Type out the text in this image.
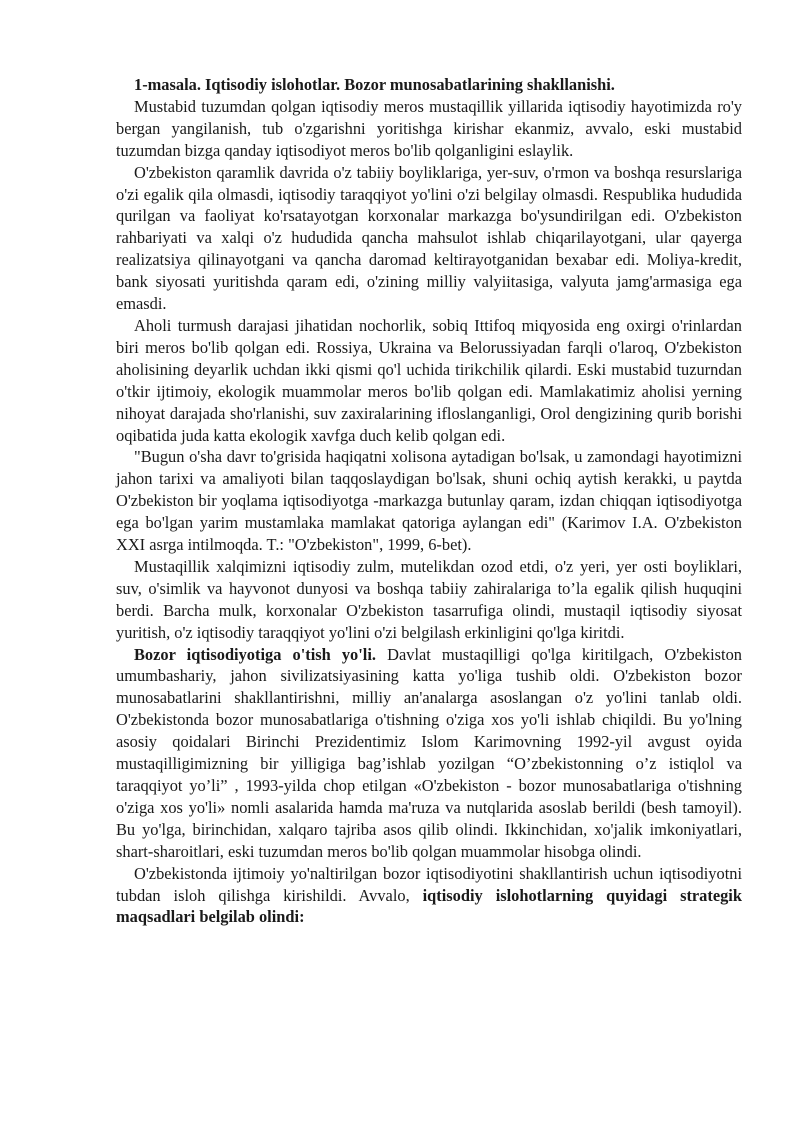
1-masala. Iqtisodiy islohotlar. Bozor munosabatlarining shakllanishi.

Mustabid tuzumdan qolgan iqtisodiy meros mustaqillik yillarida iqtisodiy hayotimizda ro'y bergan yangilanish, tub o'zgarishni yoritishga kirishar ekanmiz, avvalo, eski mustabid tuzumdan bizga qanday iqtisodiyot meros bo'lib qolganligini eslaylik.

O'zbekiston qaramlik davrida o'z tabiiy boyliklariga, yer-suv, o'rmon va boshqa resurslariga o'zi egalik qila olmasdi, iqtisodiy taraqqiyot yo'lini o'zi belgilay olmasdi. Respublika hududida qurilgan va faoliyat ko'rsatayotgan korxonalar markazga bo'ysundirilgan edi. O'zbekiston rahbariyati va xalqi o'z hududida qancha mahsulot ishlab chiqarilayotgani, ular qayerga realizatsiya qilinayotgani va qancha daromad keltirayotganidan bexabar edi. Moliya-kredit, bank siyosati yuritishda qaram edi, o'zining milliy valyiitasiga, valyuta jamg'armasiga ega emasdi.

Aholi turmush darajasi jihatidan nochorlik, sobiq Ittifoq miqyosida eng oxirgi o'rinlardan biri meros bo'lib qolgan edi. Rossiya, Ukraina va Belorussiyadan farqli o'laroq, O'zbekiston aholisining deyarlik uchdan ikki qismi qo'l uchida tirikchilik qilardi. Eski mustabid tuzurndan o'tkir ijtimoiy, ekologik muammolar meros bo'lib qolgan edi. Mamlakatimiz aholisi yerning nihoyat darajada sho'rlanishi, suv zaxiralarining ifloslanganligi, Orol dengizining qurib borishi oqibatida juda katta ekologik xavfga duch kelib qolgan edi.

"Bugun o'sha davr to'grisida haqiqatni xolisona aytadigan bo'lsak, u zamondagi hayotimizni jahon tarixi va amaliyoti bilan taqqoslaydigan bo'lsak, shuni ochiq aytish kerakki, u paytda O'zbekiston bir yoqlama iqtisodiyotga -markazga butunlay qaram, izdan chiqqan iqtisodiyotga ega bo'lgan yarim mustamlaka mamlakat qatoriga aylangan edi" (Karimov I.A. O'zbekiston XXI asrga intilmoqda. T.: "O'zbekiston", 1999, 6-bet).

Mustaqillik xalqimizni iqtisodiy zulm, mutelikdan ozod etdi, o'z yeri, yer osti boyliklari, suv, o'simlik va hayvonot dunyosi va boshqa tabiiy zahiralariga to’la egalik qilish huquqini berdi. Barcha mulk, korxonalar O'zbekiston tasarrufiga olindi, mustaqil iqtisodiy siyosat yuritish, o'z iqtisodiy taraqqiyot yo'lini o'zi belgilash erkinligini qo'lga kiritdi.

Bozor iqtisodiyotiga o'tish yo'li. Davlat mustaqilligi qo'lga kiritilgach, O'zbekiston umumbashariy, jahon sivilizatsiyasining katta yo'liga tushib oldi. O'zbekiston bozor munosabatlarini shakllantirishni, milliy an'analarga asoslangan o'z yo'lini tanlab oldi. O'zbekistonda bozor munosabatlariga o'tishning o'ziga xos yo'li ishlab chiqildi. Bu yo'lning asosiy qoidalari Birinchi Prezidentimiz Islom Karimovning 1992-yil avgust oyida mustaqilligimizning bir yilligiga bag’ishlab yozilgan “O’zbekistonning o’z istiqlol va taraqqiyot yo’li” , 1993-yilda chop etilgan «O'zbekiston - bozor munosabatlariga o'tishning o'ziga xos yo'li» nomli asalarida hamda ma'ruza va nutqlarida asoslab berildi (besh tamoyil). Bu yo'lga, birinchidan, xalqaro tajriba asos qilib olindi. Ikkinchidan, xo'jalik imkoniyatlari, shart-sharoitlari, eski tuzumdan meros bo'lib qolgan muammolar hisobga olindi.

O'zbekistonda ijtimoiy yo'naltirilgan bozor iqtisodiyotini shakllantirish uchun iqtisodiyotni tubdan isloh qilishga kirishildi. Avvalo, iqtisodiy islohotlarning quyidagi strategik maqsadlari belgilab olindi:
